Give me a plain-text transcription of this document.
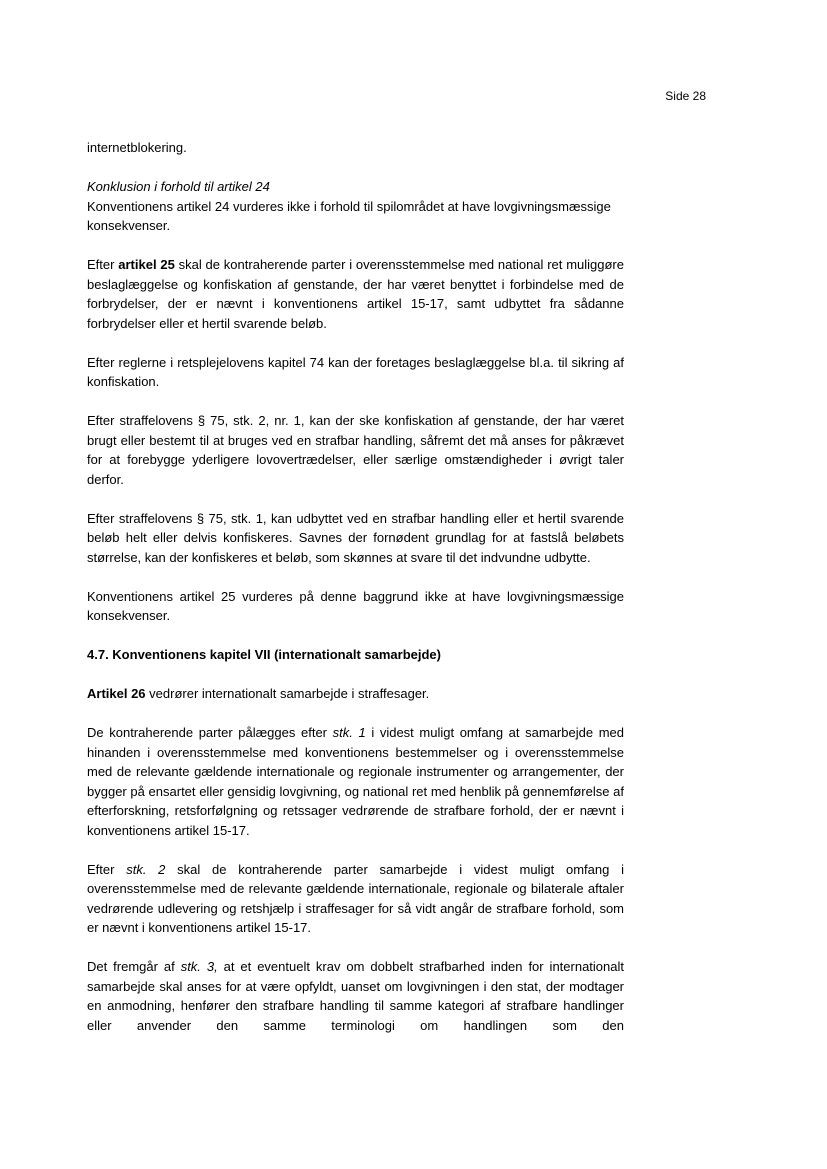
Side 28

internetblokering.

Konklusion i forhold til artikel 24
Konventionens artikel 24 vurderes ikke i forhold til spilområdet at have lovgivningsmæssige konsekvenser.

Efter artikel 25 skal de kontraherende parter i overensstemmelse med national ret muliggøre beslaglæggelse og konfiskation af genstande, der har været benyttet i forbindelse med de forbrydelser, der er nævnt i konventionens artikel 15-17, samt udbyttet fra sådanne forbrydelser eller et hertil svarende beløb.

Efter reglerne i retsplejelovens kapitel 74 kan der foretages beslaglæggelse bl.a. til sikring af konfiskation.

Efter straffelovens § 75, stk. 2, nr. 1, kan der ske konfiskation af genstande, der har været brugt eller bestemt til at bruges ved en strafbar handling, såfremt det må anses for påkrævet for at forebygge yderligere lovovertrædelser, eller særlige omstændigheder i øvrigt taler derfor.

Efter straffelovens § 75, stk. 1, kan udbyttet ved en strafbar handling eller et hertil svarende beløb helt eller delvis konfiskeres. Savnes der fornødent grundlag for at fastslå beløbets størrelse, kan der konfiskeres et beløb, som skønnes at svare til det indvundne udbytte.

Konventionens artikel 25 vurderes på denne baggrund ikke at have lovgivningsmæssige konsekvenser.

4.7. Konventionens kapitel VII (internationalt samarbejde)

Artikel 26 vedrører internationalt samarbejde i straffesager.

De kontraherende parter pålægges efter stk. 1 i videst muligt omfang at samarbejde med hinanden i overensstemmelse med konventionens bestemmelser og i overensstemmelse med de relevante gældende internationale og regionale instrumenter og arrangementer, der bygger på ensartet eller gensidig lovgivning, og national ret med henblik på gennemførelse af efterforskning, retsforfølgning og retssager vedrørende de strafbare forhold, der er nævnt i konventionens artikel 15-17.

Efter stk. 2 skal de kontraherende parter samarbejde i videst muligt omfang i overensstemmelse med de relevante gældende internationale, regionale og bilaterale aftaler vedrørende udlevering og retshjælp i straffesager for så vidt angår de strafbare forhold, som er nævnt i konventionens artikel 15-17.

Det fremgår af stk. 3, at et eventuelt krav om dobbelt strafbarhed inden for internationalt samarbejde skal anses for at være opfyldt, uanset om lovgivningen i den stat, der modtager en anmodning, henfører den strafbare handling til samme kategori af strafbare handlinger eller anvender den samme terminologi om handlingen som den
